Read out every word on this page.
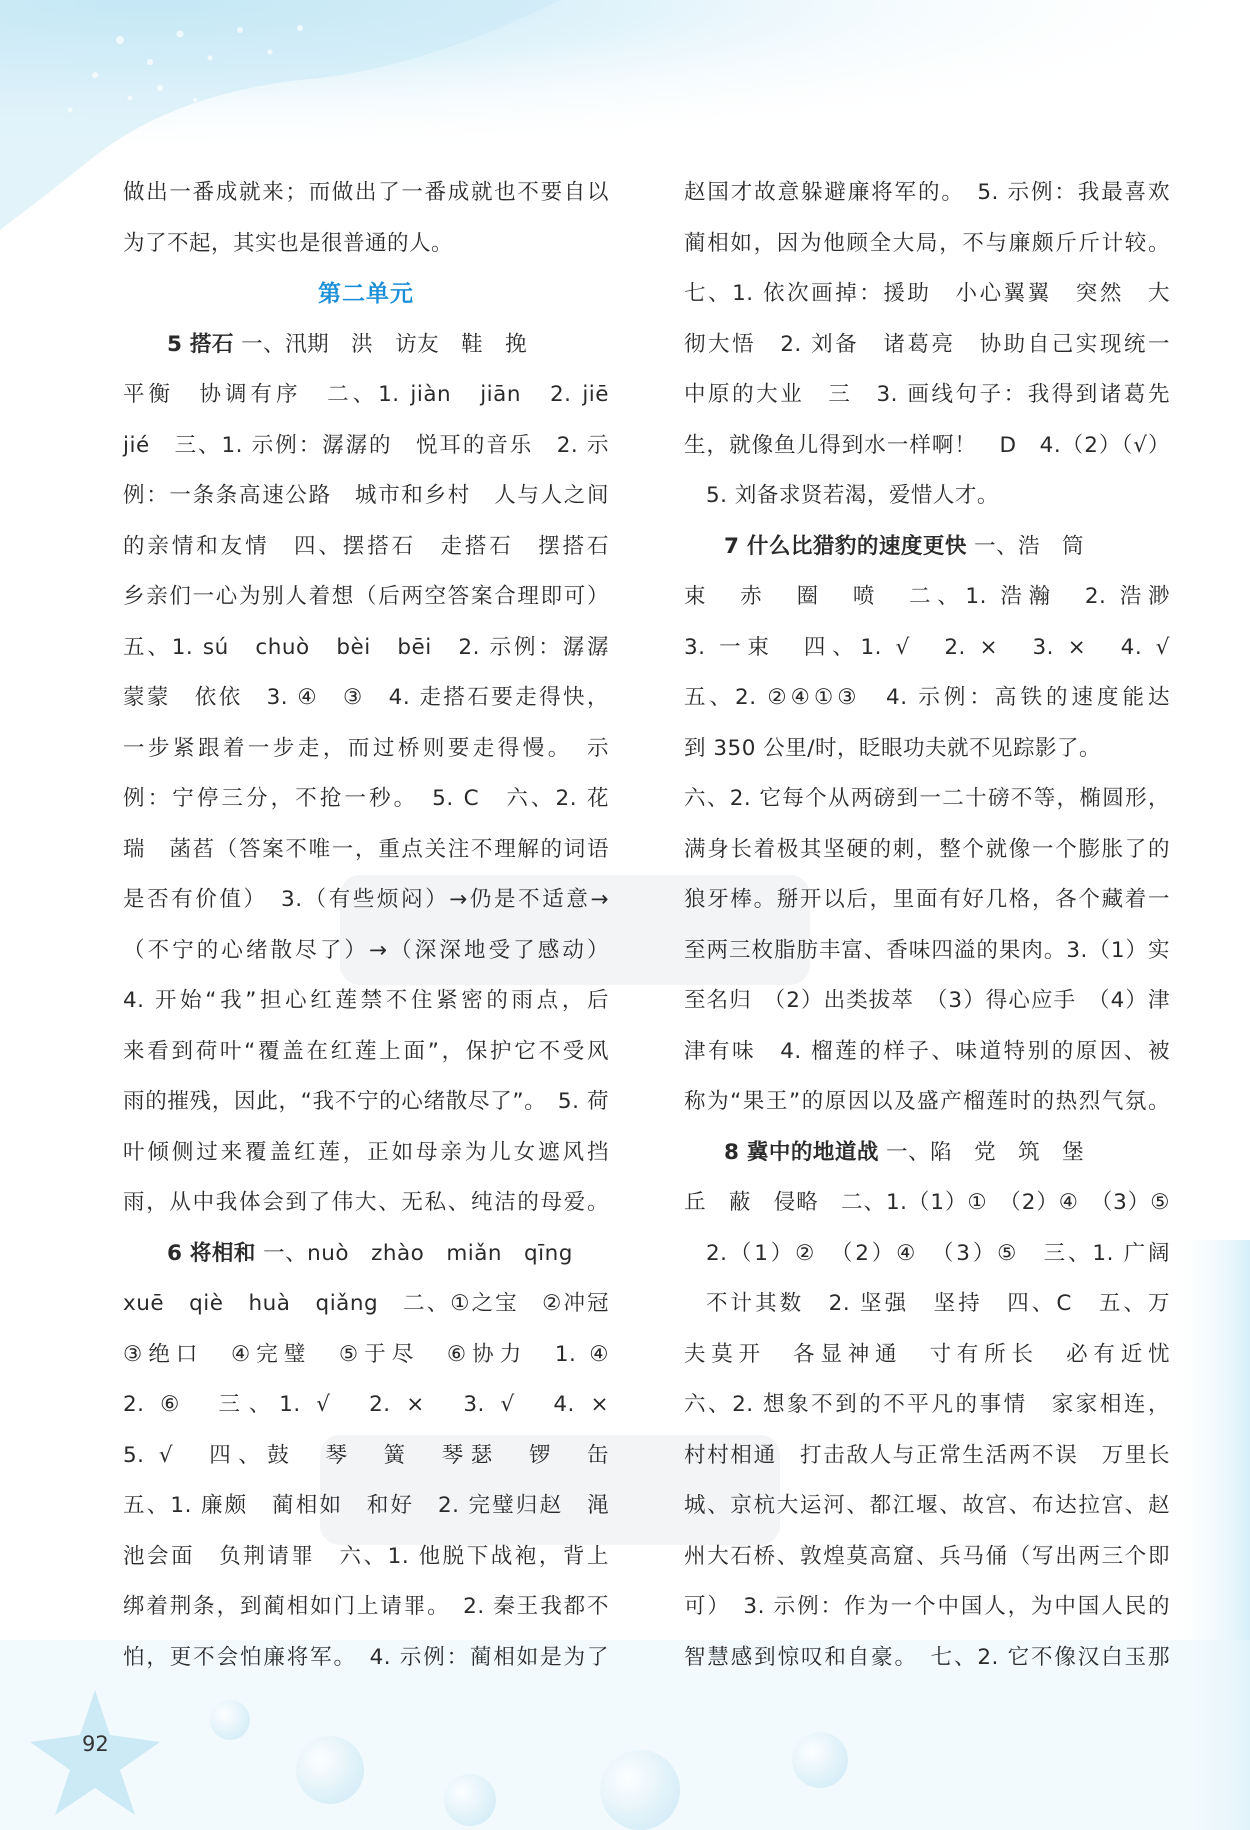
做出一番成就来；而做出了一番成就也不要自以
为了不起，其实也是很普通的人。
第二单元
5 搭石 一、汛期　洪　访友　鞋　挽
平衡　协调有序　二、1. jiàn　jiān　2. jiē
jié　三、1. 示例：潺潺的　悦耳的音乐　2. 示
例：一条条高速公路　城市和乡村　人与人之间
的亲情和友情　四、摆搭石　走搭石　摆搭石
乡亲们一心为别人着想（后两空答案合理即可）
五、1. sú　chuò　bèi　bēi　2. 示例：潺潺
蒙蒙　依依　3. ④　③　4. 走搭石要走得快，
一步紧跟着一步走，而过桥则要走得慢。　示
例：宁停三分，不抢一秒。　5. C　六、2. 花
瑞　菡萏（答案不唯一，重点关注不理解的词语
是否有价值）　3.（有些烦闷）→仍是不适意→
（不宁的心绪散尽了）→（深深地受了感动）
4. 开始“我”担心红莲禁不住紧密的雨点，后
来看到荷叶“覆盖在红莲上面”，保护它不受风
雨的摧残，因此，“我不宁的心绪散尽了”。　5. 荷
叶倾侧过来覆盖红莲，正如母亲为儿女遮风挡
雨，从中我体会到了伟大、无私、纯洁的母爱。
6 将相和 一、nuò　zhào　miǎn　qīng
xuē　qiè　huà　qiǎng　二、①之宝　②冲冠
③绝口　④完璧　⑤于尽　⑥协力　1. ④
2. ⑥　三、1. √　2. ×　3. √　4. ×
5. √　四、鼓　琴　簧　琴瑟　锣　缶
五、1. 廉颇　蔺相如　和好　2. 完璧归赵　渑
池会面　负荆请罪　六、1. 他脱下战袍，背上
绑着荆条，到蔺相如门上请罪。　2. 秦王我都不
怕，更不会怕廉将军。　4. 示例：蔺相如是为了
赵国才故意躲避廉将军的。　5. 示例：我最喜欢
蔺相如，因为他顾全大局，不与廉颇斤斤计较。
七、1. 依次画掉：援助　小心翼翼　突然　大
彻大悟　2. 刘备　诸葛亮　协助自己实现统一
中原的大业　三　3. 画线句子：我得到诸葛先
生，就像鱼儿得到水一样啊！　D　4.（2）（√）
5. 刘备求贤若渴，爱惜人才。
7 什么比猎豹的速度更快 一、浩　筒
束　赤　圈　喷　二、1. 浩瀚　2. 浩渺
3. 一束　四、1. √　2. ×　3. ×　4. √
五、2. ②④①③　4. 示例：高铁的速度能达
到 350 公里/时，眨眼功夫就不见踪影了。
六、2. 它每个从两磅到一二十磅不等，椭圆形，
满身长着极其坚硬的刺，整个就像一个膨胀了的
狼牙棒。掰开以后，里面有好几格，各个藏着一
至两三枚脂肪丰富、香味四溢的果肉。3.（1）实
至名归　（2）出类拔萃　（3）得心应手　（4）津
津有味　4. 榴莲的样子、味道特别的原因、被
称为“果王”的原因以及盛产榴莲时的热烈气氛。
8 冀中的地道战 一、陷　党　筑　堡
丘　蔽　侵略　二、1.（1）①　（2）④　（3）⑤
2.（1）②　（2）④　（3）⑤　三、1. 广阔
不计其数　2. 坚强　坚持　四、C　五、万
夫莫开　各显神通　寸有所长　必有近忧
六、2. 想象不到的不平凡的事情　家家相连，
村村相通　打击敌人与正常生活两不误　万里长
城、京杭大运河、都江堰、故宫、布达拉宫、赵
州大石桥、敦煌莫高窟、兵马俑（写出两三个即
可）　3. 示例：作为一个中国人，为中国人民的
智慧感到惊叹和自豪。　七、2. 它不像汉白玉那
92
